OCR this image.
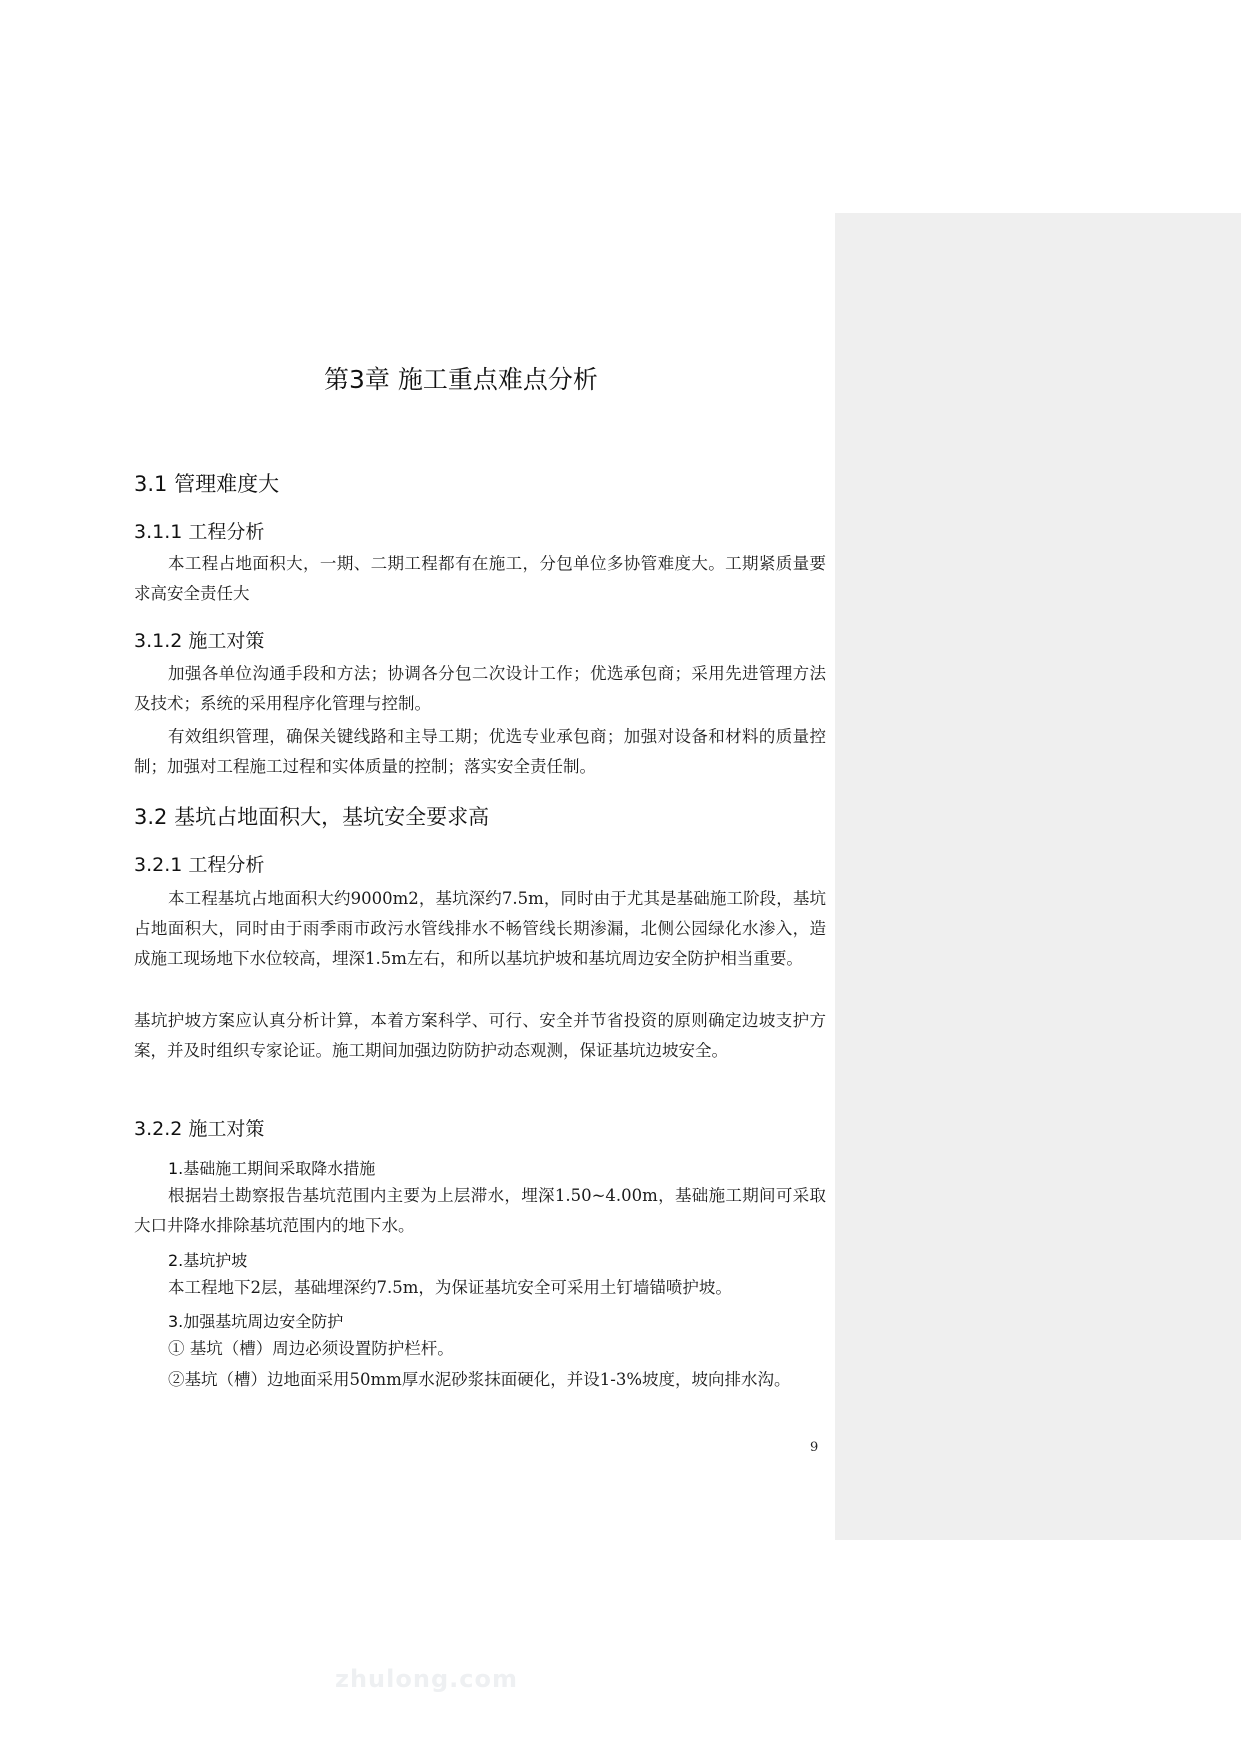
第3章 施工重点难点分析
3.1 管理难度大
3.1.1 工程分析

本工程占地面积大，一期、二期工程都有在施工，分包单位多协管难度大。工期紧质量要求高安全责任大

3.1.2 施工对策

加强各单位沟通手段和方法；协调各分包二次设计工作；优选承包商；采用先进管理方法及技术；系统的采用程序化管理与控制。

有效组织管理，确保关键线路和主导工期；优选专业承包商；加强对设备和材料的质量控制；加强对工程施工过程和实体质量的控制；落实安全责任制。

3.2 基坑占地面积大，基坑安全要求高
3.2.1 工程分析

本工程基坑占地面积大约9000m2，基坑深约7.5m，同时由于尤其是基础施工阶段，基坑占地面积大，同时由于雨季雨市政污水管线排水不畅管线长期渗漏，北侧公园绿化水渗入，造成施工现场地下水位较高，埋深1.5m左右，和所以基坑护坡和基坑周边安全防护相当重要。

基坑护坡方案应认真分析计算，本着方案科学、可行、安全并节省投资的原则确定边坡支护方案，并及时组织专家论证。施工期间加强边防防护动态观测，保证基坑边坡安全。

3.2.2 施工对策
1.基础施工期间采取降水措施

根据岩土勘察报告基坑范围内主要为上层滞水，埋深1.50~4.00m，基础施工期间可采取大口井降水排除基坑范围内的地下水。

2.基坑护坡

本工程地下2层，基础埋深约7.5m，为保证基坑安全可采用土钉墙锚喷护坡。

3.加强基坑周边安全防护

① 基坑（槽）周边必须设置防护栏杆。

②基坑（槽）边地面采用50mm厚水泥砂浆抹面硬化，并设1-3%坡度，坡向排水沟。

9
zhulong.com
